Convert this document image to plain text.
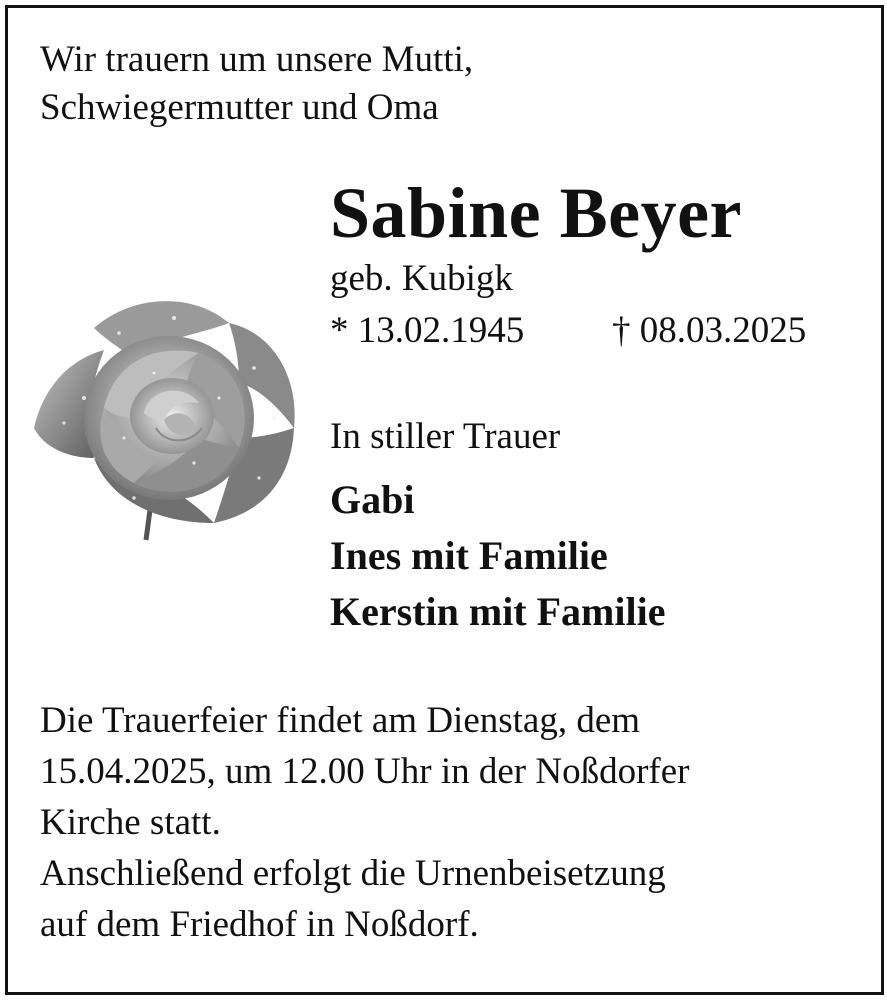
Wir trauern um unsere Mutti,
Schwiegermutter und Oma
Sabine Beyer
geb. Kubigk
* 13.02.1945 † 08.03.2025
In stiller Trauer
Gabi
Ines mit Familie
Kerstin mit Familie
Die Trauerfeier findet am Dienstag, dem
15.04.2025, um 12.00 Uhr in der Noßdorfer
Kirche statt.
Anschließend erfolgt die Urnenbeisetzung
auf dem Friedhof in Noßdorf.
